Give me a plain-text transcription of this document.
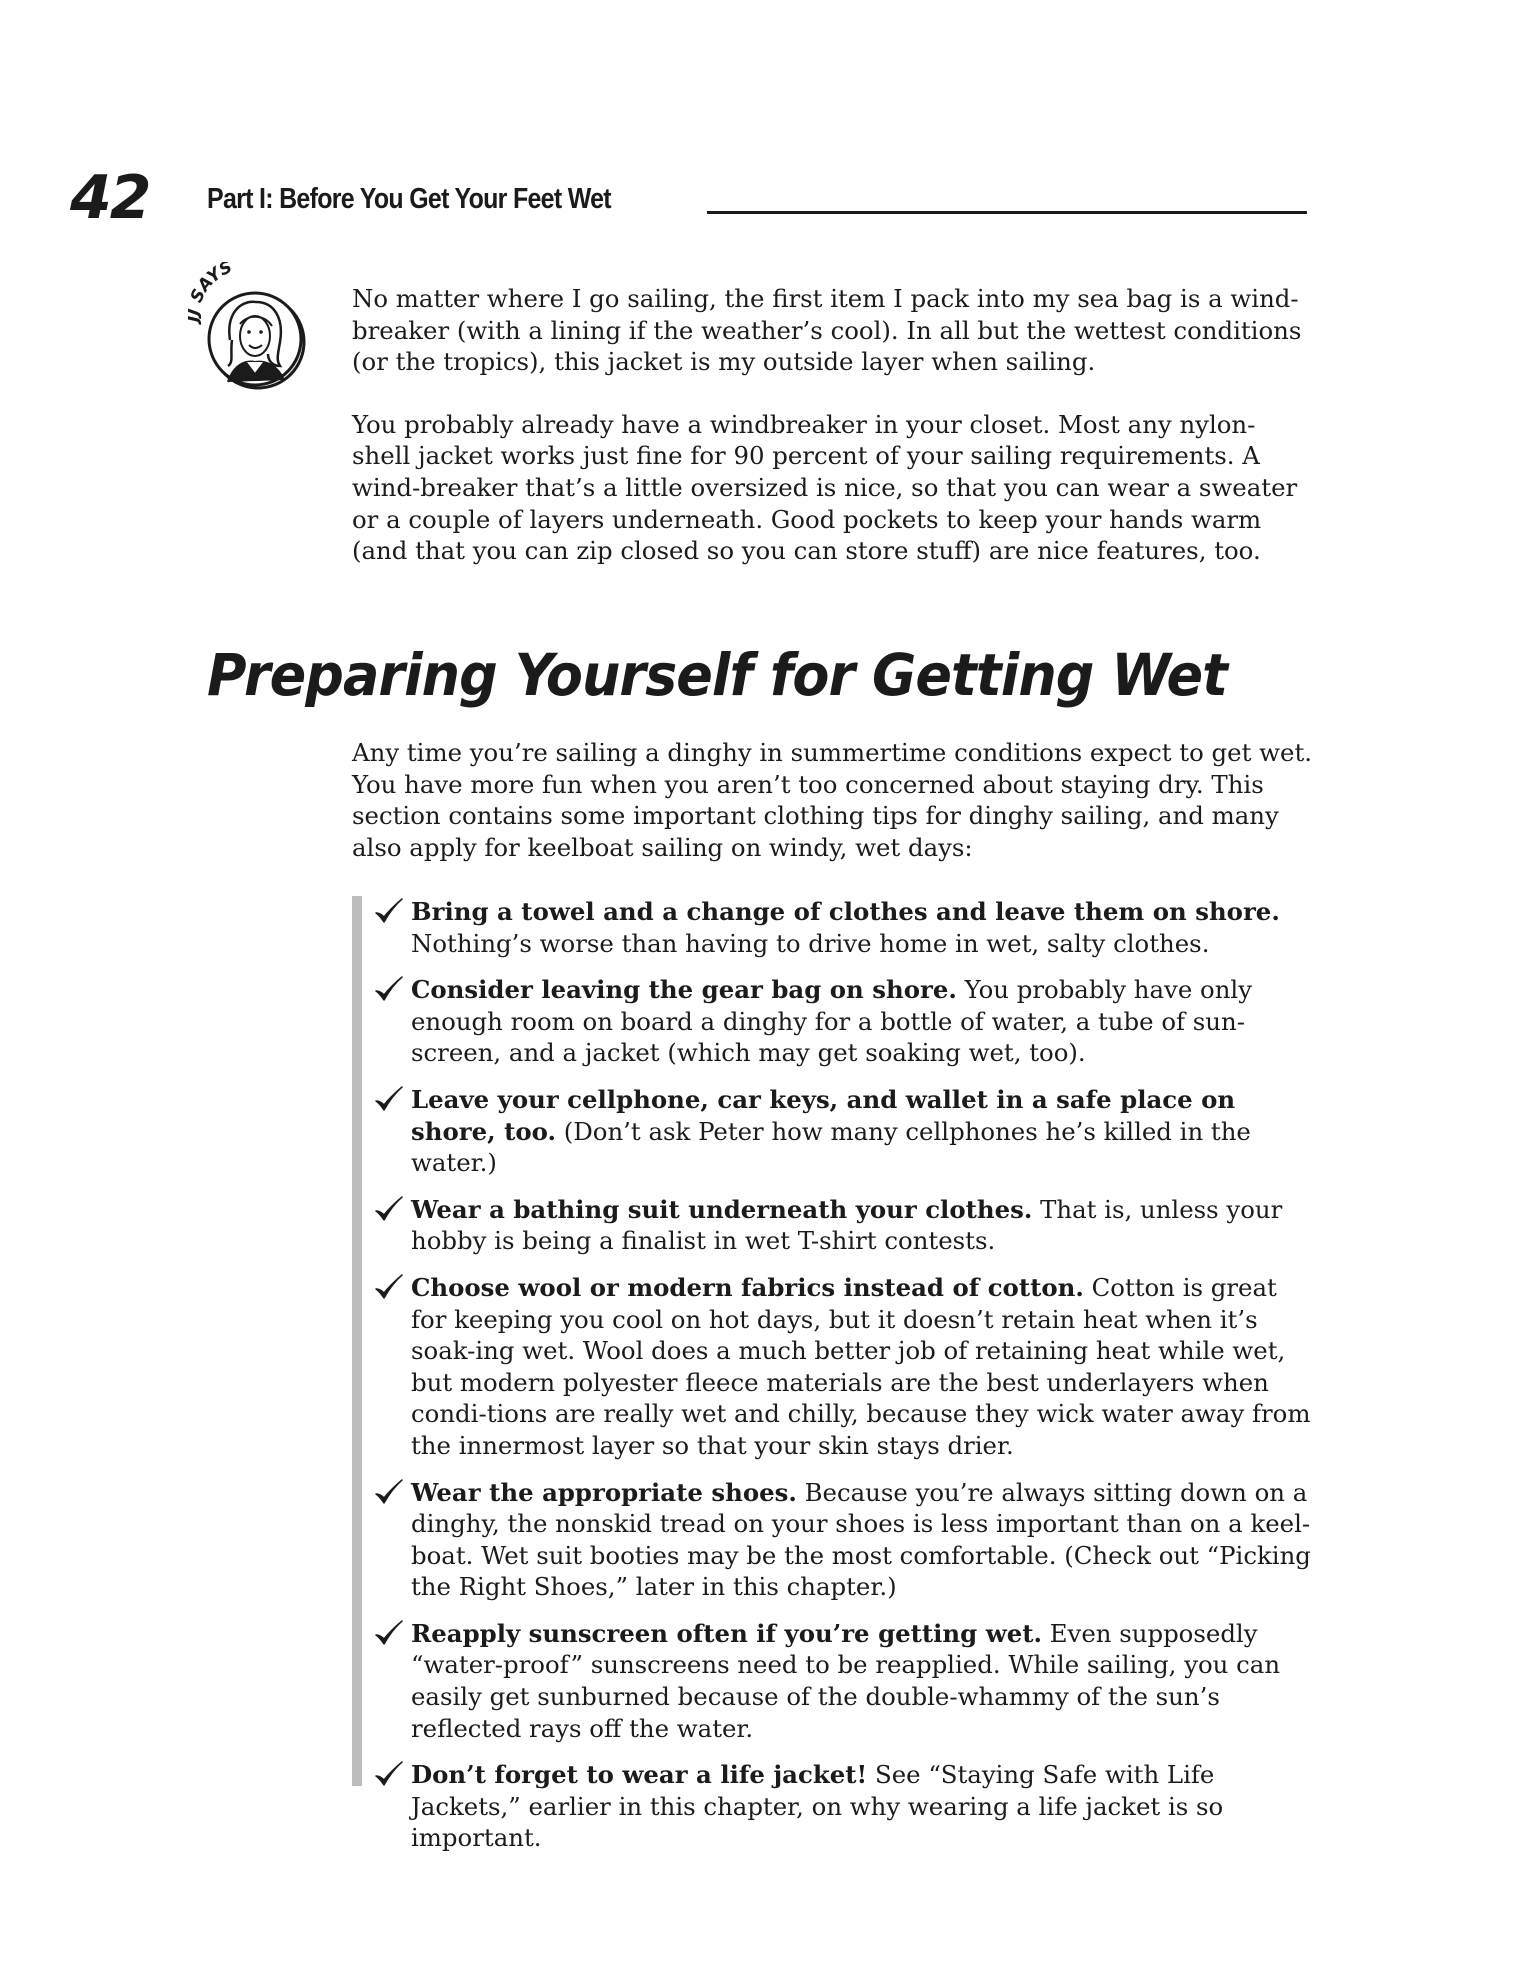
42 Part I: Before You Get Your Feet Wet
SAYS

No matter where I go sailing, the first item I pack into my sea bag is a wind-breaker (with a lining if the weather’s cool). In all but the wettest conditions (or the tropics), this jacket is my outside layer when sailing.

You probably already have a windbreaker in your closet. Most any nylon-shell jacket works just fine for 90 percent of your sailing requirements. A wind-breaker that’s a little oversized is nice, so that you can wear a sweater or a couple of layers underneath. Good pockets to keep your hands warm (and that you can zip closed so you can store stuff) are nice features, too.

Preparing Yourself for Getting Wet

Any time you’re sailing a dinghy in summertime conditions expect to get wet. You have more fun when you aren’t too concerned about staying dry. This section contains some important clothing tips for dinghy sailing, and many also apply for keelboat sailing on windy, wet days:

Bring a towel and a change of clothes and leave them on shore. Nothing’s worse than having to drive home in wet, salty clothes.
Consider leaving the gear bag on shore. You probably have only enough room on board a dinghy for a bottle of water, a tube of sun-screen, and a jacket (which may get soaking wet, too).
Leave your cellphone, car keys, and wallet in a safe place on shore, too. (Don’t ask Peter how many cellphones he’s killed in the water.)
Wear a bathing suit underneath your clothes. That is, unless your hobby is being a finalist in wet T-shirt contests.
Choose wool or modern fabrics instead of cotton. Cotton is great for keeping you cool on hot days, but it doesn’t retain heat when it’s soak-ing wet. Wool does a much better job of retaining heat while wet, but modern polyester fleece materials are the best underlayers when condi-tions are really wet and chilly, because they wick water away from the innermost layer so that your skin stays drier.
Wear the appropriate shoes. Because you’re always sitting down on a dinghy, the nonskid tread on your shoes is less important than on a keel-boat. Wet suit booties may be the most comfortable. (Check out “Picking the Right Shoes,” later in this chapter.)
Reapply sunscreen often if you’re getting wet. Even supposedly “water-proof” sunscreens need to be reapplied. While sailing, you can easily get sunburned because of the double-whammy of the sun’s reflected rays off the water.
Don’t forget to wear a life jacket! See “Staying Safe with Life Jackets,” earlier in this chapter, on why wearing a life jacket is so important.
